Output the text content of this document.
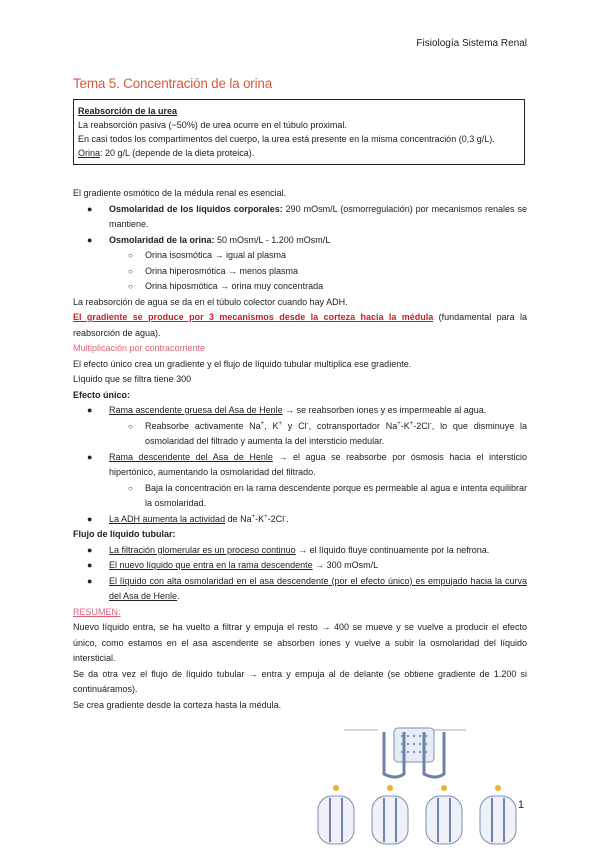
Fisiología Sistema Renal
Tema 5. Concentración de la orina
Reabsorción de la urea
La reabsorción pasiva (~50%) de urea ocurre en el túbulo proximal.
En casi todos los compartimentos del cuerpo, la urea está presente en la misma concentración (0,3 g/L).
Orina: 20 g/L (depende de la dieta proteica).

El gradiente osmótico de la médula renal es esencial.

● Osmolaridad de los líquidos corporales: 290 mOsm/L (osmorregulación) por mecanismos renales se mantiene.
● Osmolaridad de la orina: 50 mOsm/L - 1.200 mOsm/L
○ Orina isosmótica → igual al plasma
○ Orina hiperosmótica → menos plasma
○ Orina hiposmótica → orina muy concentrada

La reabsorción de agua se da en el túbulo colector cuando hay ADH.

El gradiente se produce por 3 mecanismos desde la corteza hacia la médula (fundamental para la reabsorción de agua).

Multiplicación por contracorriente

El efecto único crea un gradiente y el flujo de líquido tubular multiplica ese gradiente.

Líquido que se filtra tiene 300

Efecto único:

● Rama ascendente gruesa del Asa de Henle → se reabsorben iones y es impermeable al agua.
○ Reabsorbe activamente Na+, K+ y Cl-, cotransportador Na+-K+-2Cl-, lo que disminuye la osmolaridad del filtrado y aumenta la del intersticio medular.
● Rama descendente del Asa de Henle → el agua se reabsorbe por ósmosis hacia el intersticio hipertónico, aumentando la osmolaridad del filtrado.
○ Baja la concentración en la rama descendente porque es permeable al agua e intenta equilibrar la osmolaridad.
● La ADH aumenta la actividad de Na+-K+-2Cl-.

Flujo de líquido tubular:

● La filtración glomerular es un proceso continuo → el líquido fluye continuamente por la nefrona.
● El nuevo líquido que entra en la rama descendente → 300 mOsm/L
● El líquido con alta osmolaridad en el asa descendente (por el efecto único) es empujado hacia la curva del Asa de Henle.

RESUMEN:

Nuevo líquido entra, se ha vuelto a filtrar y empuja el resto → 400 se mueve y se vuelve a producir el efecto único, como estamos en el asa ascendente se absorben iones y vuelve a subir la osmolaridad del líquido intersticial.

Se da otra vez el flujo de líquido tubular → entra y empuja al de delante (se obtiene gradiente de 1.200 si continuáramos).

Se crea gradiente desde la corteza hasta la médula.

1
